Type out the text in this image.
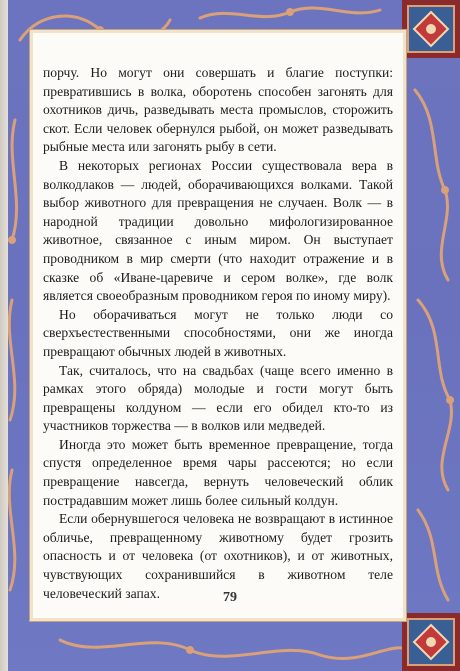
порчу. Но могут они совершать и благие поступки: превратившись в волка, оборотень способен загонять для охотников дичь, разведывать места промыслов, сторожить скот. Если человек обернулся рыбой, он может разведывать рыбные места или загонять рыбу в сети.

В некоторых регионах России существовала вера в волкодлаков — людей, оборачивающихся волками. Такой выбор животного для превращения не случаен. Волк — в народной традиции довольно мифологизированное животное, связанное с иным миром. Он выступает проводником в мир смерти (что находит отражение и в сказке об «Иване-царевиче и сером волке», где волк является своеобразным проводником героя по иному миру).

Но оборачиваться могут не только люди со сверхъестественными способностями, они же иногда превращают обычных людей в животных.

Так, считалось, что на свадьбах (чаще всего именно в рамках этого обряда) молодые и гости могут быть превращены колдуном — если его обидел кто-то из участников торжества — в волков или медведей.

Иногда это может быть временное превращение, тогда спустя определенное время чары рассеются; но если превращение навсегда, вернуть человеческий облик пострадавшим может лишь более сильный колдун.

Если обернувшегося человека не возвращают в истинное обличье, превращенному животному будет грозить опасность и от человека (от охотников), и от животных, чувствующих сохранившийся в животном теле человеческий запах.	79
